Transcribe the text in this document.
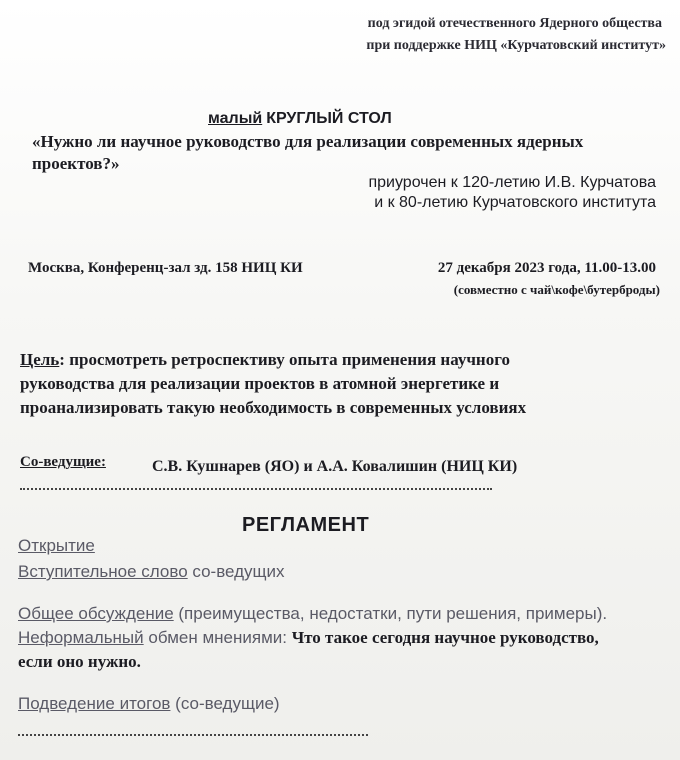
под эгидой отечественного Ядерного общества
при поддержке НИЦ «Курчатовский институт»
малый КРУГЛЫЙ СТОЛ
«Нужно ли научное руководство для реализации современных ядерных
проектов?»
приурочен к 120-летию И.В. Курчатова
и к 80-летию Курчатовского института
Москва, Конференц-зал зд. 158 НИЦ КИ	27 декабря 2023 года, 11.00-13.00
(совместно с чай\кофе\бутерброды)
Цель: просмотреть ретроспективу опыта применения научного
руководства для реализации проектов в атомной энергетике и
проанализировать такую необходимость в современных условиях
Со-ведущие:	С.В. Кушнарев (ЯО) и А.А. Ковалишин (НИЦ КИ)
РЕГЛАМЕНТ
Открытие
Вступительное слово со-ведущих
Общее обсуждение (преимущества, недостатки, пути решения, примеры).
Неформальный обмен мнениями: Что такое сегодня научное руководство,
если оно нужно.
Подведение итогов (со-ведущие)
